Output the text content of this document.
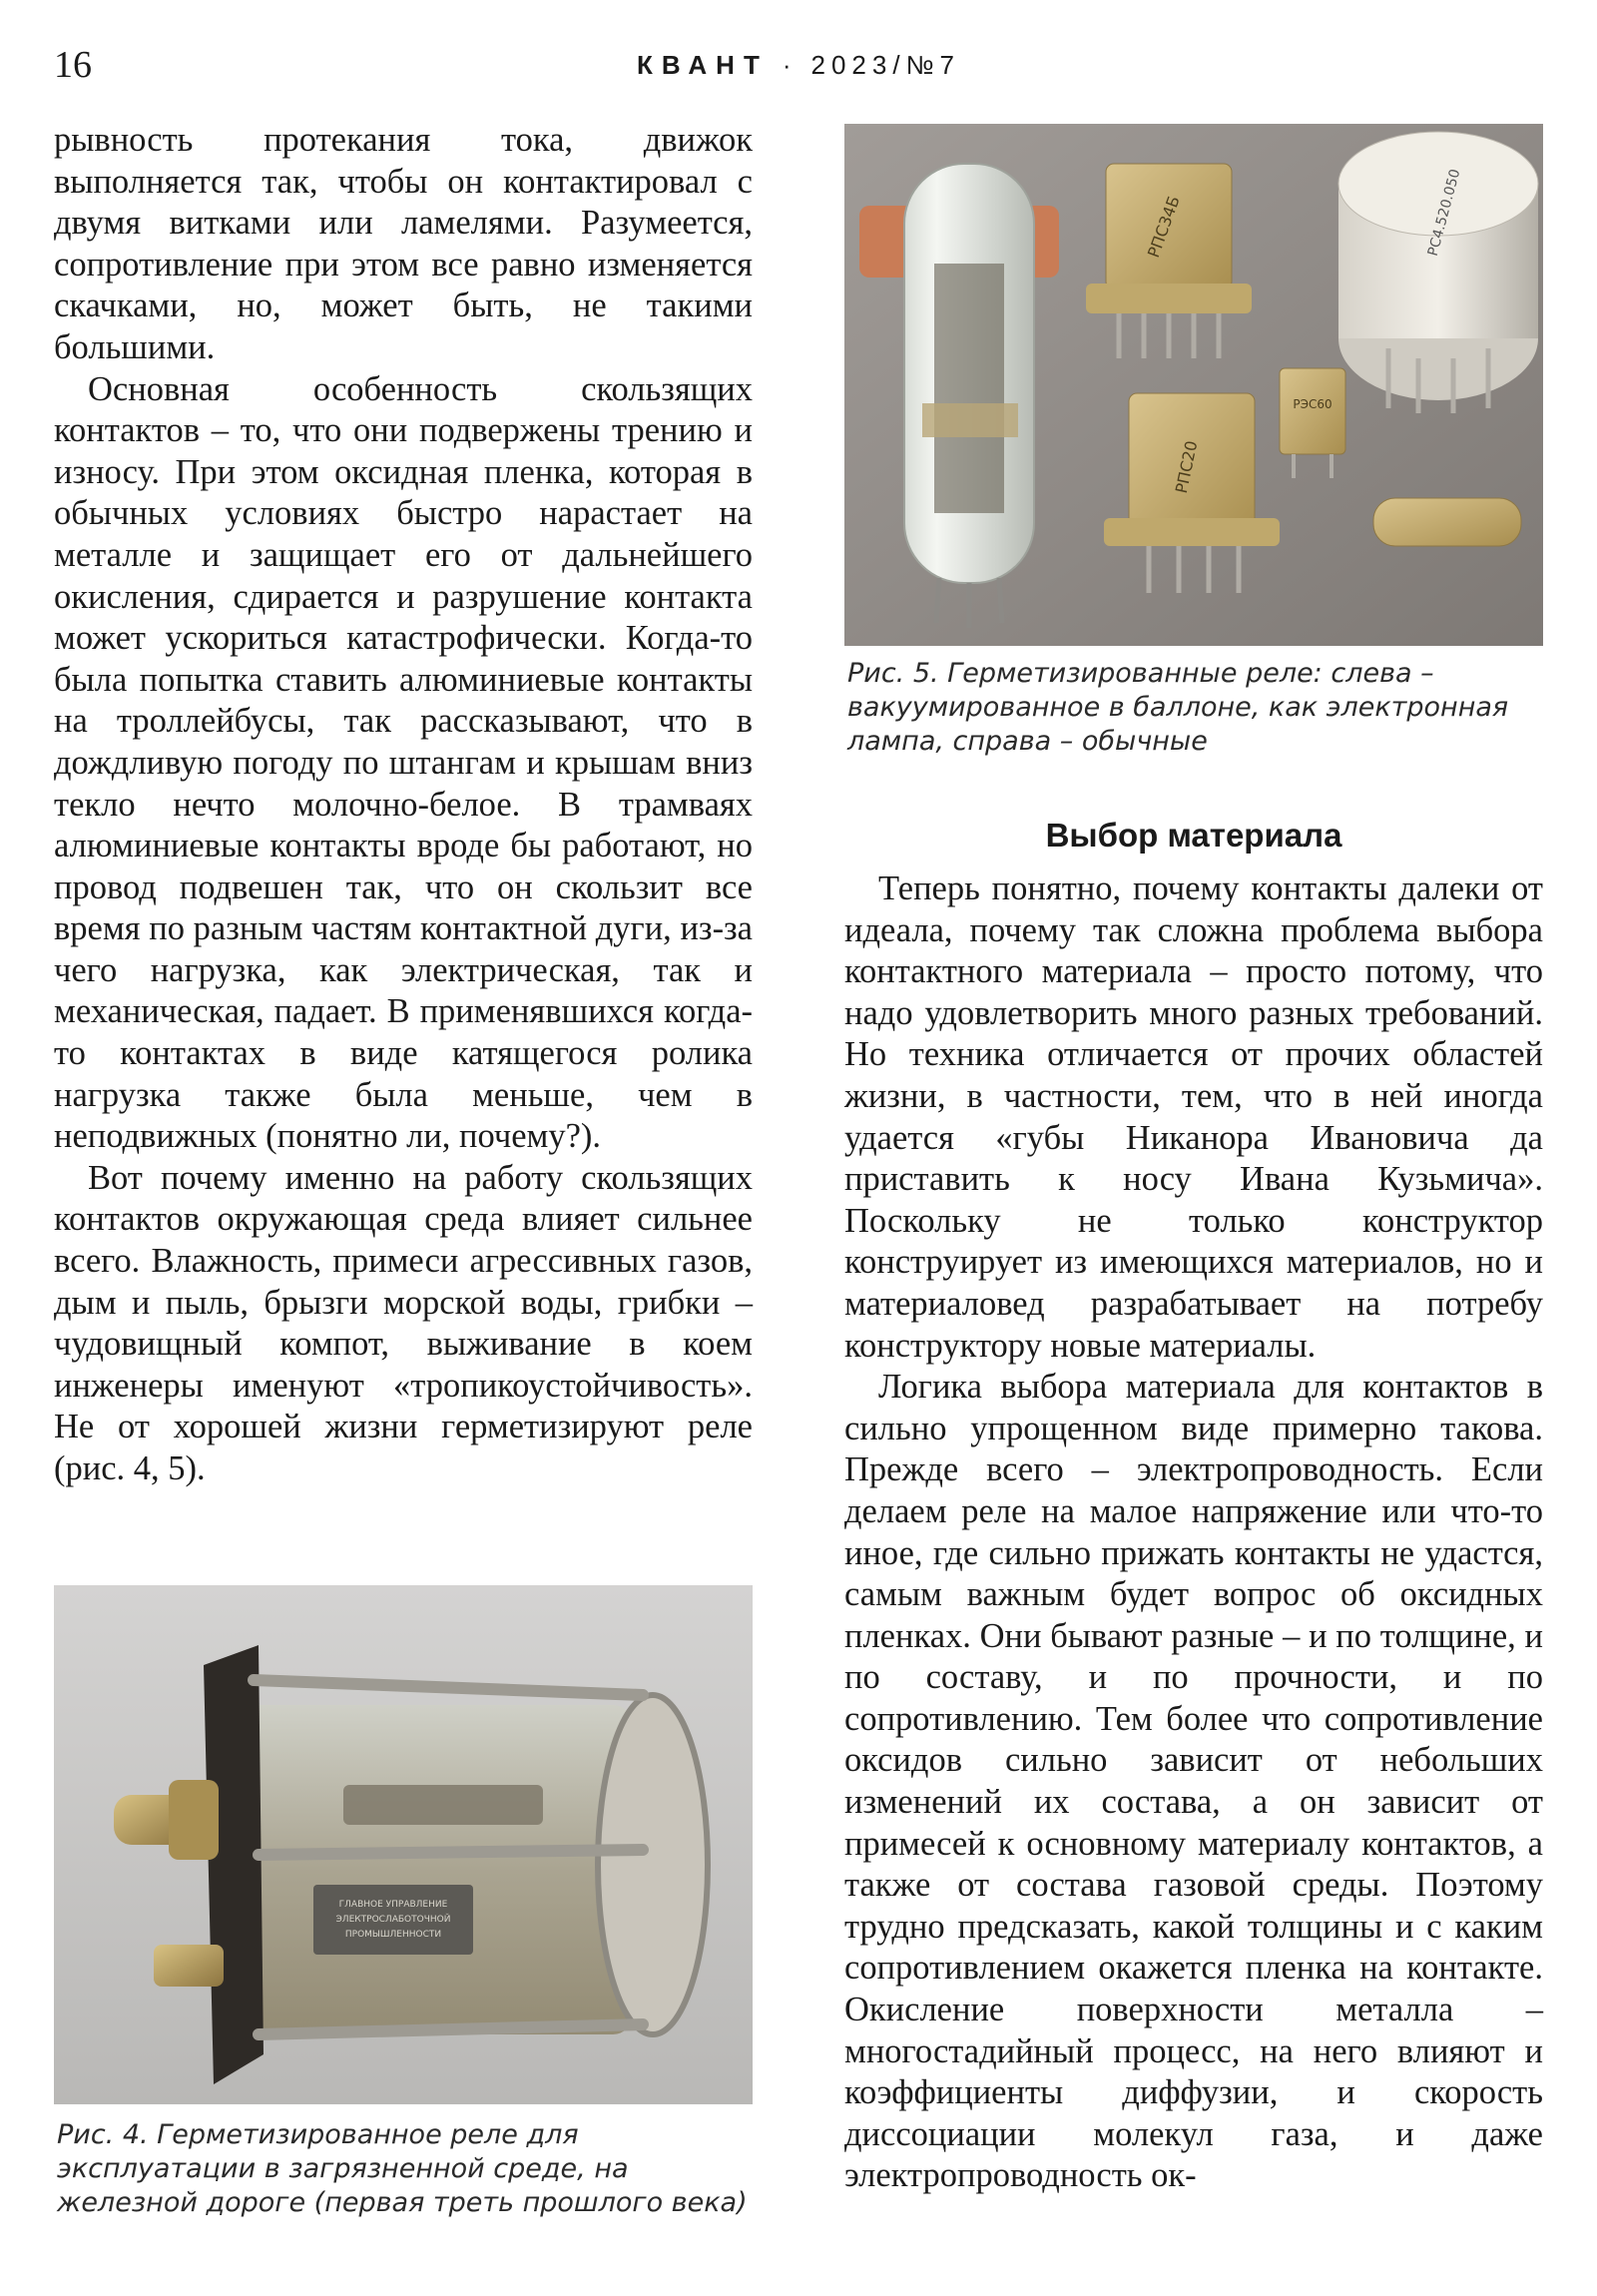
16	КВАНТ · 2023/№7

рывность протекания тока, движок выполняется так, чтобы он контактировал с двумя витками или ламелями. Разумеется, сопротивление при этом все равно изменяется скачками, но, может быть, не такими большими.

Основная особенность скользящих контактов – то, что они подвержены трению и износу. При этом оксидная пленка, которая в обычных условиях быстро нарастает на металле и защищает его от дальнейшего окисления, сдирается и разрушение контакта может ускориться катастрофически. Когда-то была попытка ставить алюминиевые контакты на троллейбусы, так рассказывают, что в дождливую погоду по штангам и крышам вниз текло нечто молочно-белое. В трамваях алюминиевые контакты вроде бы работают, но провод подвешен так, что он скользит все время по разным частям контактной дуги, из-за чего нагрузка, как электрическая, так и механическая, падает. В применявшихся когда-то контактах в виде катящегося ролика нагрузка также была меньше, чем в неподвижных (понятно ли, почему?).

Вот почему именно на работу скользящих контактов окружающая среда влияет сильнее всего. Влажность, примеси агрессивных газов, дым и пыль, брызги морской воды, грибки – чудовищный компот, выживание в коем инженеры именуют «тропикоустойчивость». Не от хорошей жизни герметизируют реле (рис. 4, 5).

РПС34Б
РПС20
РЭС60
РС4.520.050
Рис. 5. Герметизированные реле: слева – вакуумированное в баллоне, как электронная лампа, справа – обычные
Выбор материала

Теперь понятно, почему контакты далеки от идеала, почему так сложна проблема выбора контактного материала – просто потому, что надо удовлетворить много разных требований. Но техника отличается от прочих областей жизни, в частности, тем, что в ней иногда удается «губы Никанора Ивановича да приставить к носу Ивана Кузьмича». Поскольку не только конструктор конструирует из имеющихся материалов, но и материаловед разрабатывает на потребу конструктору новые материалы.

Логика выбора материала для контактов в сильно упрощенном виде примерно такова. Прежде всего – электропроводность. Если делаем реле на малое напряжение или что-то иное, где сильно прижать контакты не удастся, самым важным будет вопрос об оксидных пленках. Они бывают разные – и по толщине, и по составу, и по прочности, и по сопротивлению. Тем более что сопротивление оксидов сильно зависит от небольших изменений их состава, а он зависит от примесей к основному материалу контактов, а также от состава газовой среды. Поэтому трудно предсказать, какой толщины и с каким сопротивлением окажется пленка на контакте. Окисление поверхности металла – многостадийный процесс, на него влияют и коэффициенты диффузии, и скорость диссоциации молекул газа, и даже электропроводность ок-

ГЛАВНОЕ УПРАВЛЕНИЕ
ЭЛЕКТРОСЛАБОТОЧНОЙ
ПРОМЫШЛЕННОСТИ
Рис. 4. Герметизированное реле для эксплуатации в загрязненной среде, на железной дороге (первая треть прошлого века)
